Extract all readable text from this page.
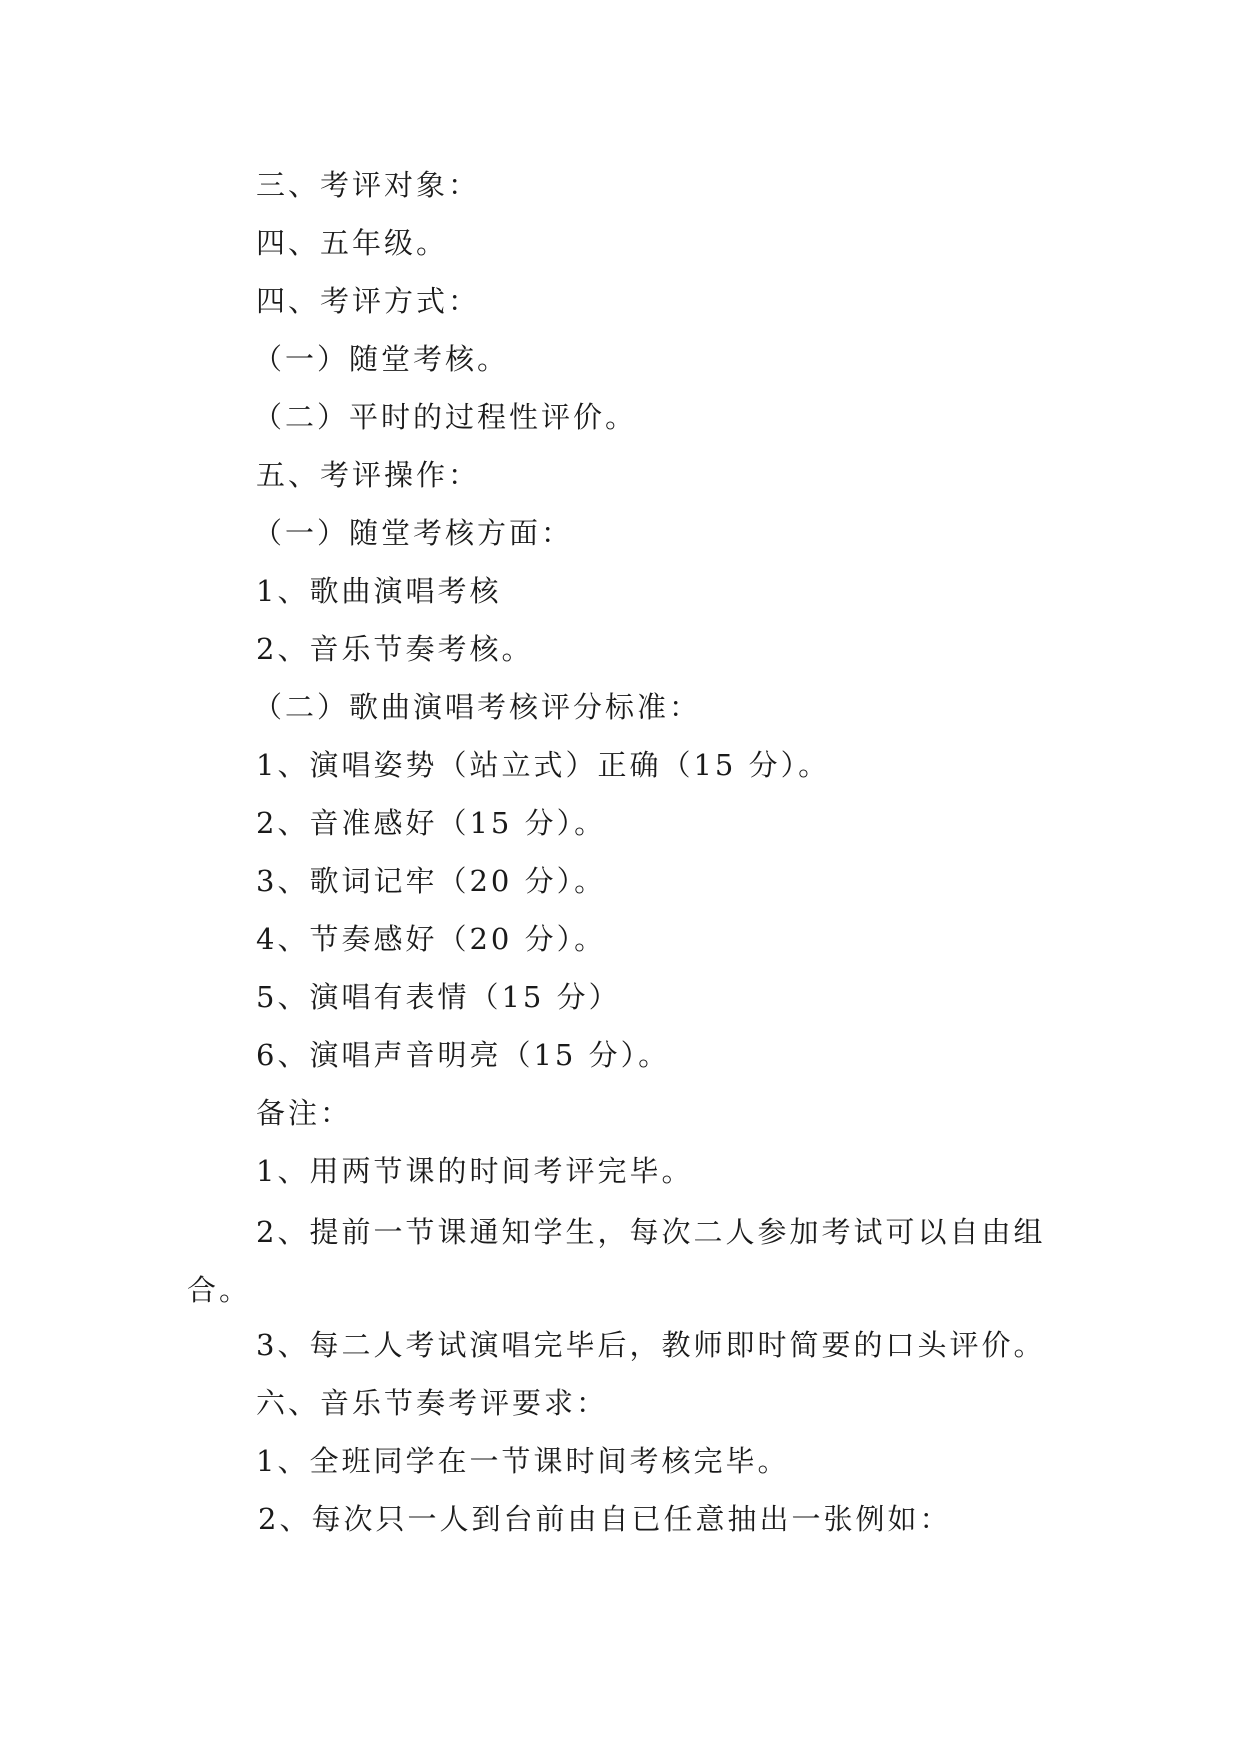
三、考评对象：
四、五年级。
四、考评方式：
（一）随堂考核。
（二）平时的过程性评价。
五、考评操作：
（一）随堂考核方面：
1、歌曲演唱考核
2、音乐节奏考核。
（二）歌曲演唱考核评分标准：
1、演唱姿势（站立式）正确（15 分）。
2、音准感好（15 分）。
3、歌词记牢（20 分）。
4、节奏感好（20 分）。
5、演唱有表情（15 分）
6、演唱声音明亮（15 分）。
备注：
1、用两节课的时间考评完毕。
2、提前一节课通知学生，每次二人参加考试可以自由组合。
3、每二人考试演唱完毕后，教师即时简要的口头评价。
六、音乐节奏考评要求：
1、全班同学在一节课时间考核完毕。
2、每次只一人到台前由自已任意抽出一张例如：
